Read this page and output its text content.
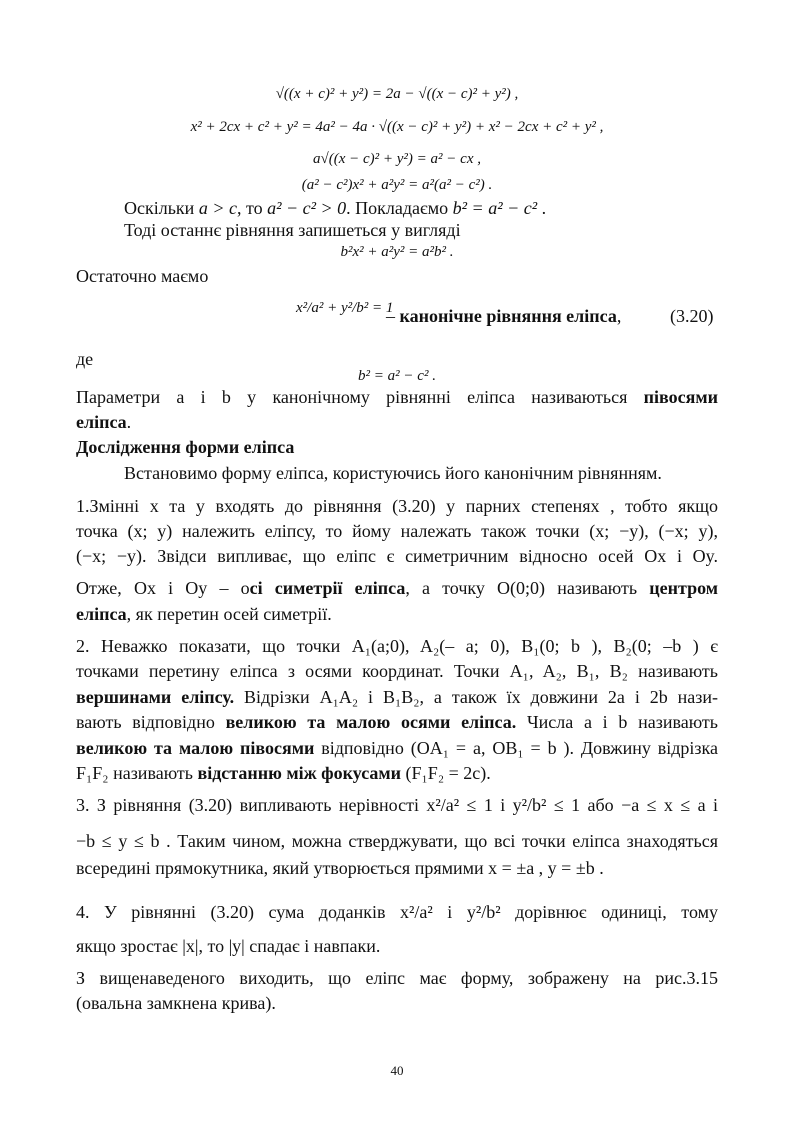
√((x + c)² + y²) = 2a − √((x − c)² + y²) ,
x² + 2cx + c² + y² = 4a² − 4a · √((x − c)² + y²) + x² − 2cx + c² + y² ,
a√((x − c)² + y²) = a² − cx ,
(a² − c²)x² + a²y² = a²(a² − c²) .
Оскільки a > c, то a² − c² > 0. Покладаємо b² = a² − c² .
Тоді останнє рівняння запишеться у вигляді
b²x² + a²y² = a²b² .
Остаточно маємо
x²/a² + y²/b² = 1
– канонічне рівняння еліпса,	(3.20)
де
b² = a² − c² .
Параметри a і b у канонічному рівнянні еліпса називаються півосями
еліпса.
Дослідження форми еліпса
Встановимо форму еліпса, користуючись його канонічним рівнянням.
1.Змінні x та y входять до рівняння (3.20) у парних степенях , тобто якщо
точка (x; y) належить еліпсу, то йому належать також точки (x; −y), (−x; y),
(−x; −y). Звідси випливає, що еліпс є симетричним відносно осей Ox і Oy.
Отже, Ox і Oy – осі симетрії еліпса, а точку O(0;0) називають центром
еліпса, як перетин осей симетрії.
2. Неважко показати, що точки A₁(a;0), A₂(– a; 0), B₁(0; b ), B₂(0; –b ) є
точками перетину еліпса з осями координат. Точки A₁, A₂, B₁, B₂ називають
вершинами еліпсу. Відрізки A₁A₂ і B₁B₂, а також їх довжини 2a і 2b нази-
вають відповідно великою та малою осями еліпса. Числа a і b називають
великою та малою півосями відповідно (OA₁ = a, OB₁ = b ). Довжину відрізка
F₁F₂ називають відстанню між фокусами (F₁F₂ = 2c).
3. З рівняння (3.20) випливають нерівності x²/a² ≤ 1 і y²/b² ≤ 1 або −a ≤ x ≤ a і
−b ≤ y ≤ b . Таким чином, можна стверджувати, що всі точки еліпса знаходяться
всередині прямокутника, який утворюється прямими x = ±a , y = ±b .
4. У рівнянні (3.20) сума доданків x²/a² і y²/b² дорівнює одиниці, тому
якщо зростає |x|, то |y| спадає і навпаки.
З вищенаведеного виходить, що еліпс має форму, зображену на рис.3.15
(овальна замкнена крива).
40
